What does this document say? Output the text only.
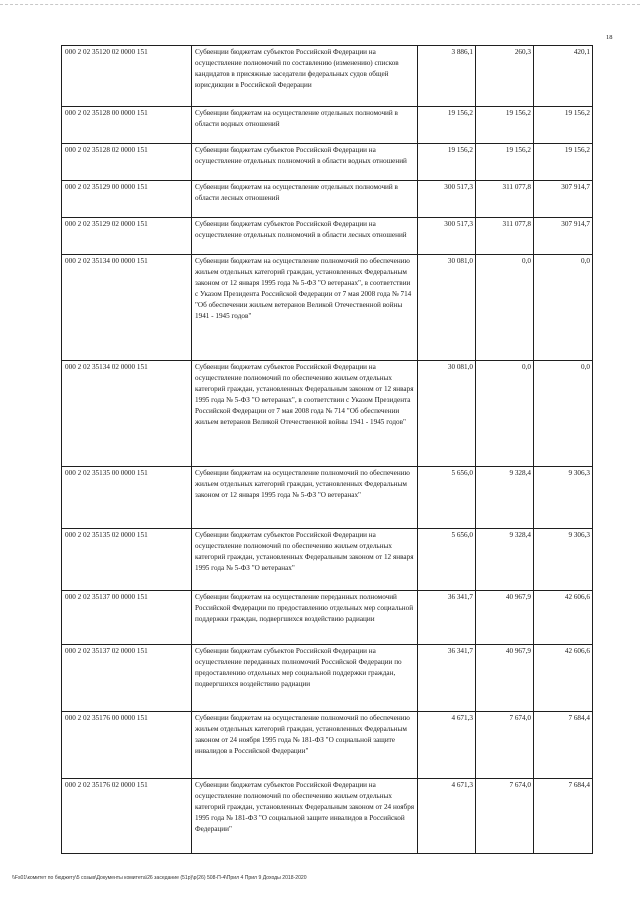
18
000 2 02 35120 02 0000 151	Субвенции бюджетам субъектов Российской Федерации на осуществление полномочий по составлению (изменению) списков кандидатов в присяжные заседатели федеральных судов общей юрисдикции в Российской Федерации	3 886,1	260,3	420,1
000 2 02 35128 00 0000 151	Субвенции бюджетам на осуществление отдельных полномочий в области водных отношений	19 156,2	19 156,2	19 156,2
000 2 02 35128 02 0000 151	Субвенции бюджетам субъектов Российской Федерации на осуществление отдельных полномочий в области водных отношений	19 156,2	19 156,2	19 156,2
000 2 02 35129 00 0000 151	Субвенции бюджетам на осуществление отдельных полномочий в области лесных отношений	300 517,3	311 077,8	307 914,7
000 2 02 35129 02 0000 151	Субвенции бюджетам субъектов Российской Федерации на осуществление отдельных полномочий в области лесных отношений	300 517,3	311 077,8	307 914,7
000 2 02 35134 00 0000 151	Субвенции бюджетам на осуществление полномочий по обеспечению жильем отдельных категорий граждан, установленных Федеральным законом от 12 января 1995 года № 5-ФЗ "О ветеранах", в соответствии с Указом Президента Российской Федерации от 7 мая 2008 года № 714 "Об обеспечении жильем ветеранов Великой Отечественной войны 1941 - 1945 годов"	30 081,0	0,0	0,0
000 2 02 35134 02 0000 151	Субвенции бюджетам субъектов Российской Федерации на осуществление полномочий по обеспечению жильем отдельных категорий граждан, установленных Федеральным законом от 12 января 1995 года № 5-ФЗ "О ветеранах", в соответствии с Указом Президента Российской Федерации от 7 мая 2008 года № 714 "Об обеспечении жильем ветеранов Великой Отечественной войны 1941 - 1945 годов"	30 081,0	0,0	0,0
000 2 02 35135 00 0000 151	Субвенции бюджетам на осуществление полномочий по обеспечению жильем отдельных категорий граждан, установленных Федеральным законом от 12 января 1995 года № 5-ФЗ "О ветеранах"	5 656,0	9 328,4	9 306,3
000 2 02 35135 02 0000 151	Субвенции бюджетам субъектов Российской Федерации на осуществление полномочий по обеспечению жильем отдельных категорий граждан, установленных Федеральным законом от 12 января 1995 года № 5-ФЗ "О ветеранах"	5 656,0	9 328,4	9 306,3
000 2 02 35137 00 0000 151	Субвенции бюджетам на осуществление переданных полномочий Российской Федерации по предоставлению отдельных мер социальной поддержки граждан, подвергшихся воздействию радиации	36 341,7	40 967,9	42 606,6
000 2 02 35137 02 0000 151	Субвенции бюджетам субъектов Российской Федерации на осуществление переданных полномочий Российской Федерации по предоставлению отдельных мер социальной поддержки граждан, подвергшихся воздействию радиации	36 341,7	40 967,9	42 606,6
000 2 02 35176 00 0000 151	Субвенции бюджетам на осуществление полномочий по обеспечению жильем отдельных категорий граждан, установленных Федеральным законом от 24 ноября 1995 года № 181-ФЗ "О социальной защите инвалидов в Российской Федерации"	4 671,3	7 674,0	7 684,4
000 2 02 35176 02 0000 151	Субвенции бюджетам субъектов Российской Федерации на осуществление полномочий по обеспечению жильем отдельных категорий граждан, установленных Федеральным законом от 24 ноября 1995 года № 181-ФЗ "О социальной защите инвалидов в Российской Федерации"	4 671,3	7 674,0	7 684,4
\\Fs01\комитет по бюджету\5 созыв\Документы комитета\26 заседание (51р)\р(26) 508-П-4\Прил 4 Прил 9 Доходы 2018-2020
